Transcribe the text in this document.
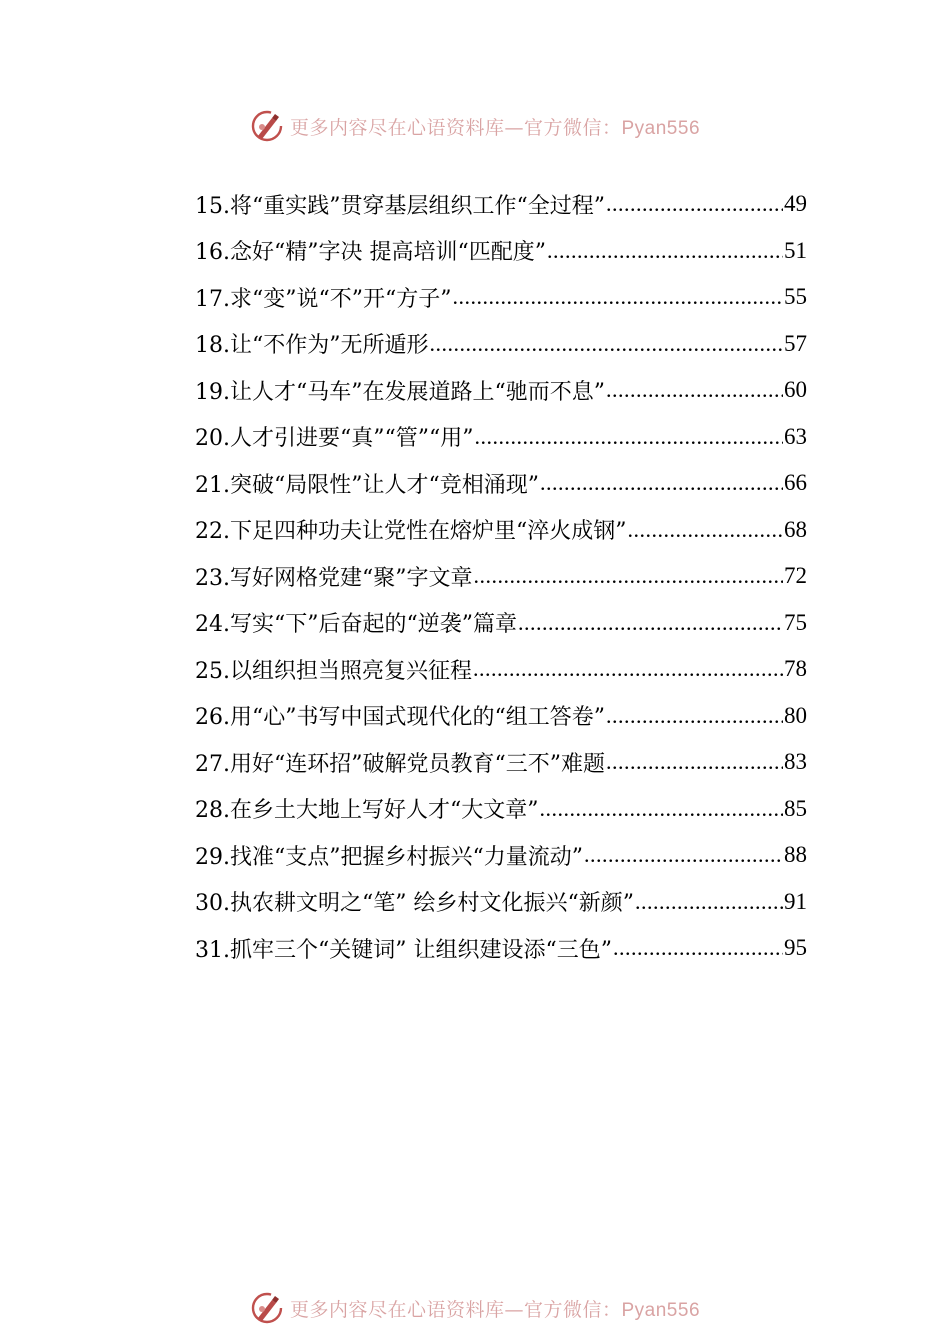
更多内容尽在心语资料库—官方微信：Pyan556
15.将“重实践”贯穿基层组织工作“全过程” .....	49
16.念好“精”字决 提高培训“匹配度” .....	51
17.求“变”说“不”开“方子” .....	55
18.让“不作为”无所遁形 .....	57
19.让人才“马车”在发展道路上“驰而不息” .....	60
20.人才引进要“真”“管”“用” .....	63
21.突破“局限性”让人才“竞相涌现” .....	66
22.下足四种功夫让党性在熔炉里“淬火成钢” .....	68
23.写好网格党建“聚”字文章 .....	72
24.写实“下”后奋起的“逆袭”篇章 .....	75
25.以组织担当照亮复兴征程 .....	78
26.用“心”书写中国式现代化的“组工答卷” .....	80
27.用好“连环招”破解党员教育“三不”难题 .....	83
28.在乡土大地上写好人才“大文章” .....	85
29.找准“支点”把握乡村振兴“力量流动” .....	88
30.执农耕文明之“笔” 绘乡村文化振兴“新颜” .....	91
31.抓牢三个“关键词” 让组织建设添“三色” .....	95
更多内容尽在心语资料库—官方微信：Pyan556
